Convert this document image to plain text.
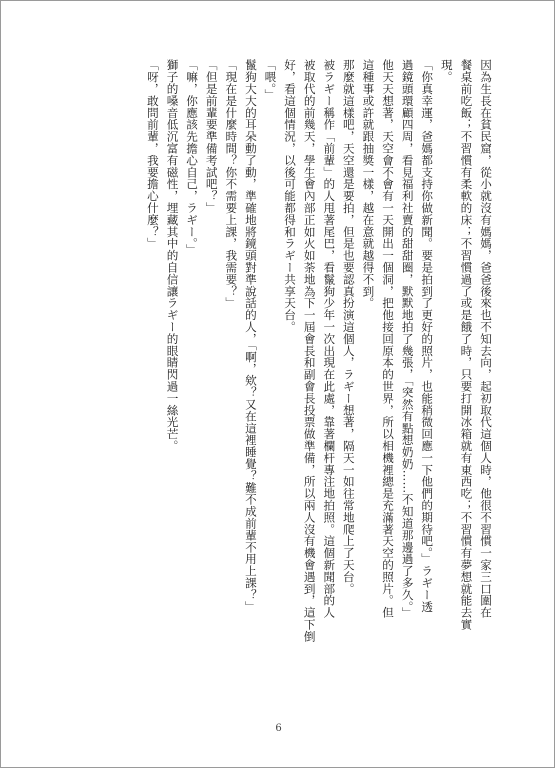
因為生長在貧民窟，從小就沒有媽媽，爸爸後來也不知去向，起初取代這個人時，他很不習慣一家三口圍在
餐桌前吃飯；不習慣有柔軟的床；不習慣過了或是餓了時，只要打開冰箱就有東西吃；不習慣有夢想就能去實
現。
「你真幸運，爸媽都支持你做新聞。要是拍到了更好的照片，也能稍微回應一下他們的期待吧。」ラギー透
過鏡頭環顧四周，看見福利社賣的甜甜圈，默默地拍了幾張，「突然有點想奶奶……不知道那邊過了多久。」
他天天想著，天空會不會有一天開出一個洞，把他接回原本的世界，所以相機裡總是充滿著天空的照片。但
這種事或許就跟抽獎一樣，越在意就越得不到。
那麼就這樣吧，天空還是要拍，但是也要認真扮演這個人，ラギー想著，隔天一如往常地爬上了天台。
被ラギー稱作「前輩」的人甩著尾巴，看鬣狗少年一次出現在此處，靠著欄杆專注地拍照。這個新聞部的人
被取代的前幾天，學生會內部正如火如荼地為下一屆會長和副會長投票做準備，所以兩人沒有機會遇到，這下倒
好，看這個情況，以後可能都得和ラギー共享天台。
「喂。」
鬣狗大大的耳朵動了動，準確地將鏡頭對準說話的人，「啊，欸？又在這裡睡覺？難不成前輩不用上課？」
「現在是什麼時間？你不需要上課，我需要？」
「但是前輩要準備考試吧？」
「嘛，你應該先擔心自己，ラギー。」
獅子的嗓音低沉富有磁性，埋藏其中的自信讓ラギー的眼睛閃過一絲光芒。
「呀，敢問前輩，我要擔心什麼？」
6
